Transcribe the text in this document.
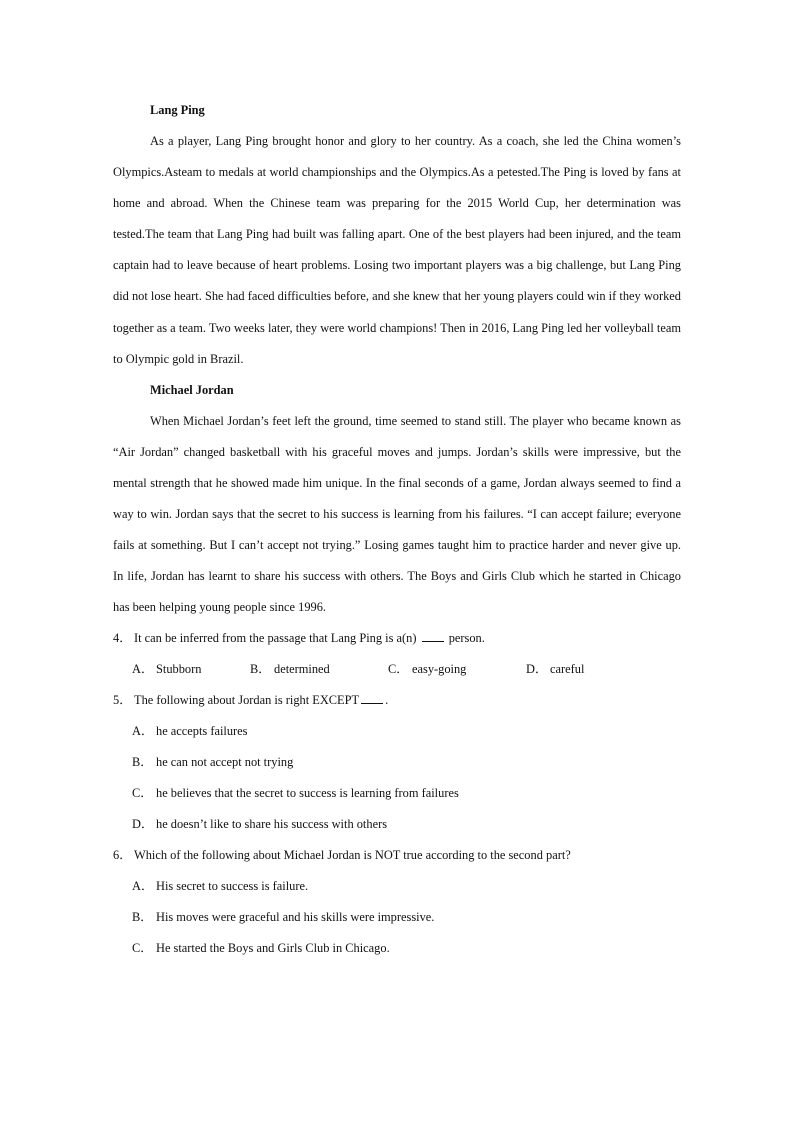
Lang Ping

As a player, Lang Ping brought honor and glory to her country. As a coach, she led the China women’s Olympics.Asteam to medals at world championships and the Olympics.As a petested.The Ping is loved by fans at home and abroad. When the Chinese team was preparing for the 2015 World Cup, her determination was tested.The team that Lang Ping had built was falling apart. One of the best players had been injured, and the team captain had to leave because of heart problems. Losing two important players was a big challenge, but Lang Ping did not lose heart. She had faced difficulties before, and she knew that her young players could win if they worked together as a team. Two weeks later, they were world champions! Then in 2016, Lang Ping led her volleyball team to Olympic gold in Brazil.

Michael Jordan

When Michael Jordan’s feet left the ground, time seemed to stand still. The player who became known as “Air Jordan” changed basketball with his graceful moves and jumps. Jordan’s skills were impressive, but the mental strength that he showed made him unique. In the final seconds of a game, Jordan always seemed to find a way to win. Jordan says that the secret to his success is learning from his failures. “I can accept failure; everyone fails at something. But I can’t accept not trying.” Losing games taught him to practice harder and never give up. In life, Jordan has learnt to share his success with others. The Boys and Girls Club which he started in Chicago has been helping young people since 1996.

4． It can be inferred from the passage that Lang Ping is a(n)	person.
A． Stubborn	B． determined	C． easy-going	D． careful
5． The following about Jordan is right EXCEPT .
A． he accepts failures
B． he can not accept not trying
C． he believes that the secret to success is learning from failures
D． he doesn’t like to share his success with others
6． Which of the following about Michael Jordan is NOT true according to the second part?
A． His secret to success is failure.
B． His moves were graceful and his skills were impressive.
C． He started the Boys and Girls Club in Chicago.
